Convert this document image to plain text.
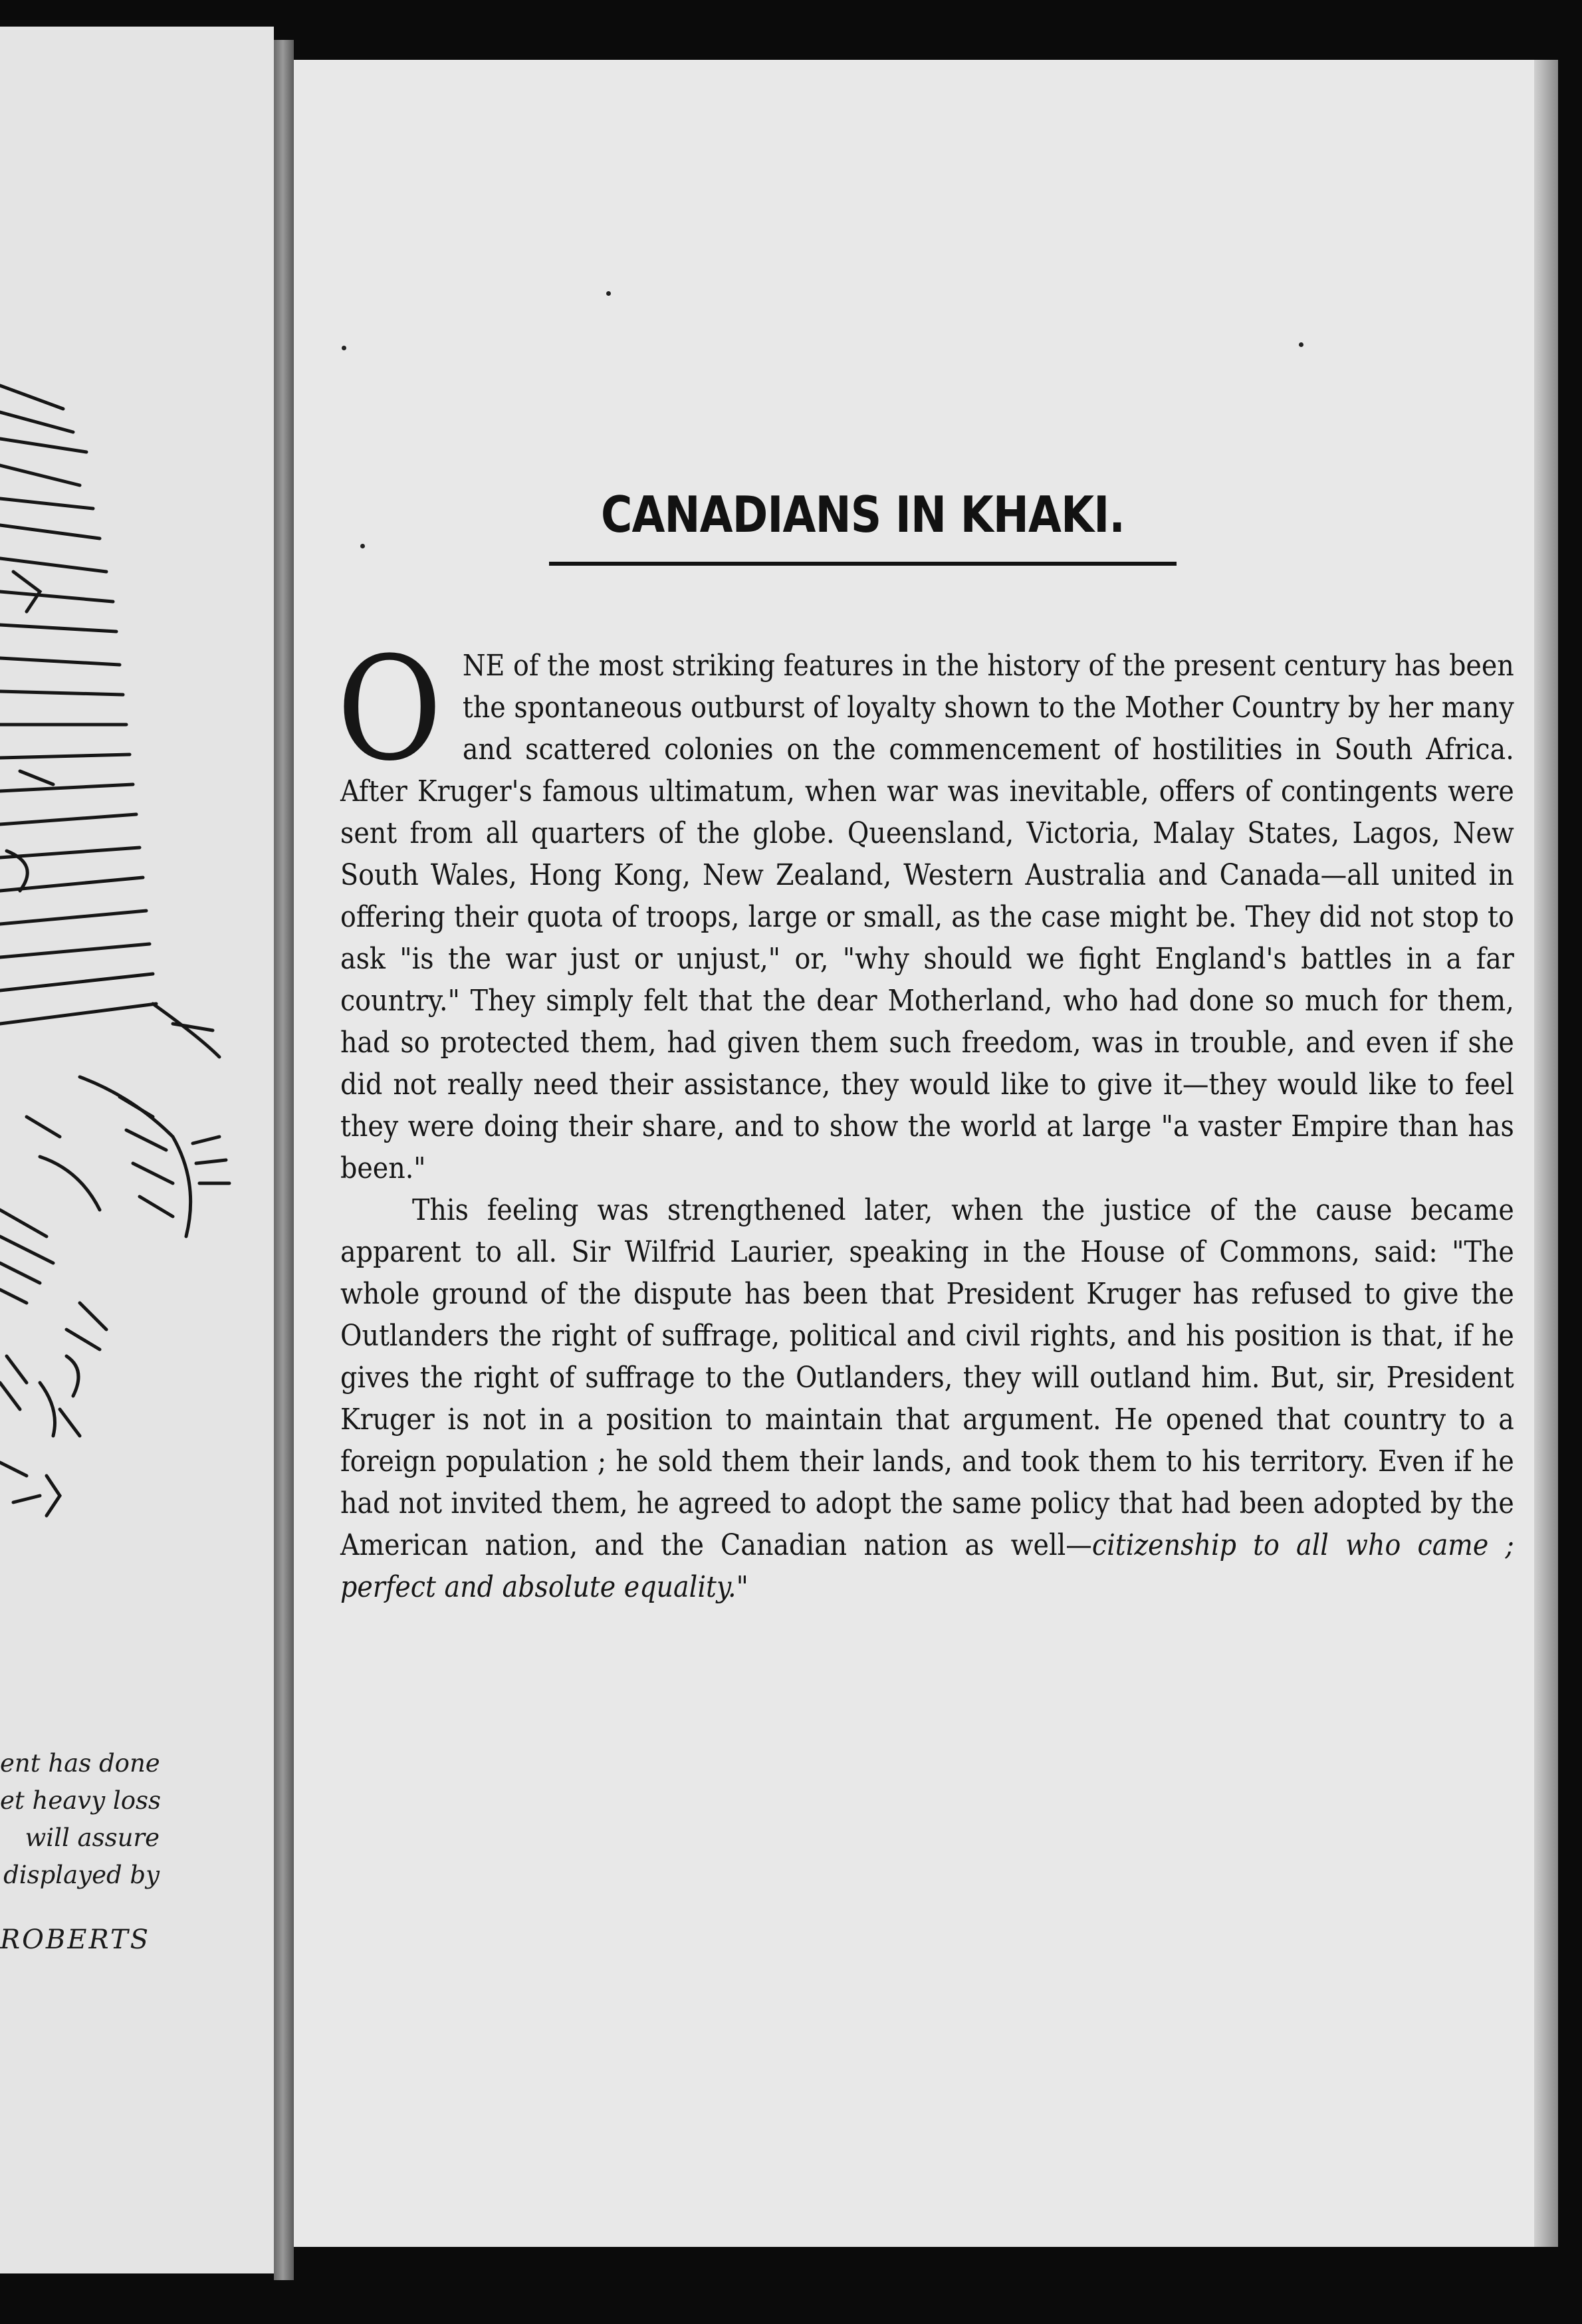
ent has done
et heavy loss
will assure
displayed by
ROBERTS
CANADIANS IN KHAKI.

ONE of the most striking features in the history of the present century has been the spontaneous outburst of loyalty shown to the Mother Country by her many and scattered colonies on the commencement of hostilities in South Africa. After Kruger's famous ultimatum, when war was inevitable, offers of contingents were sent from all quarters of the globe. Queensland, Victoria, Malay States, Lagos, New South Wales, Hong Kong, New Zealand, Western Australia and Canada—all united in offering their quota of troops, large or small, as the case might be. They did not stop to ask "is the war just or unjust," or, "why should we fight England's battles in a far country." They simply felt that the dear Motherland, who had done so much for them, had so protected them, had given them such freedom, was in trouble, and even if she did not really need their assistance, they would like to give it—they would like to feel they were doing their share, and to show the world at large "a vaster Empire than has been."

This feeling was strengthened later, when the justice of the cause became apparent to all. Sir Wilfrid Laurier, speaking in the House of Commons, said: "The whole ground of the dispute has been that President Kruger has refused to give the Outlanders the right of suffrage, political and civil rights, and his position is that, if he gives the right of suffrage to the Outlanders, they will outland him. But, sir, President Kruger is not in a position to maintain that argument. He opened that country to a foreign population ; he sold them their lands, and took them to his territory. Even if he had not invited them, he agreed to adopt the same policy that had been adopted by the American nation, and the Canadian nation as well—citizenship to all who came ; perfect and absolute equality."
